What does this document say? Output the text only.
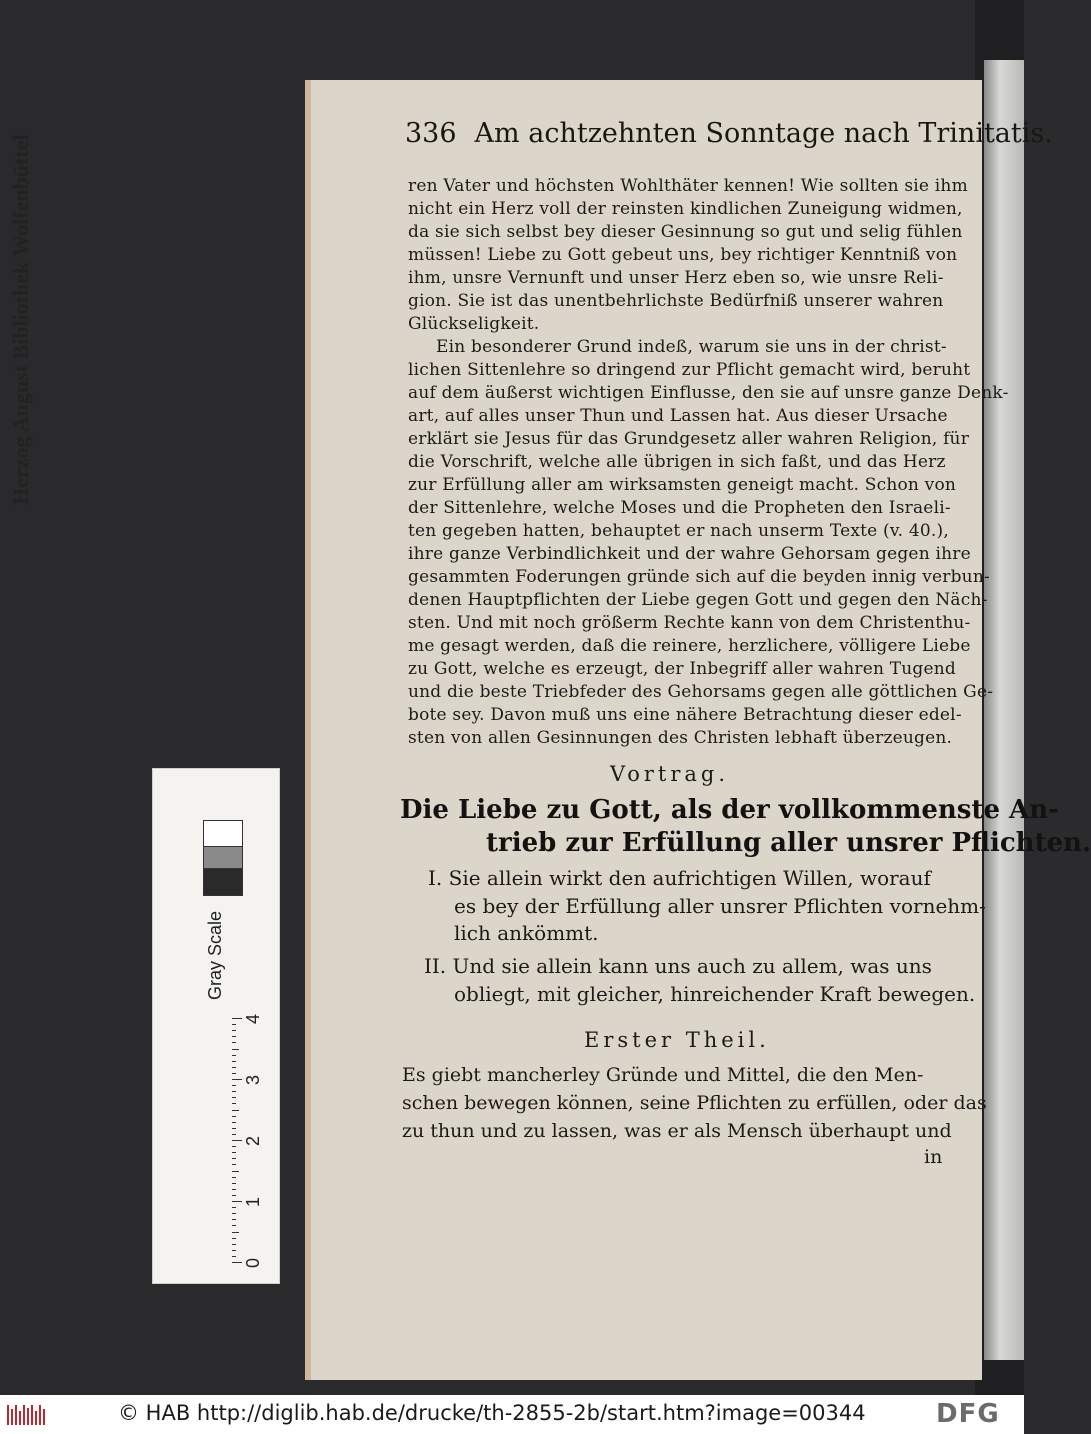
336 Am achtzehnten Sonntage nach Trinitatis.
ren Vater und höchsten Wohlthäter kennen! Wie sollten sie ihm
nicht ein Herz voll der reinsten kindlichen Zuneigung widmen,
da sie sich selbst bey dieser Gesinnung so gut und selig fühlen
müssen! Liebe zu Gott gebeut uns, bey richtiger Kenntniß von
ihm, unsre Vernunft und unser Herz eben so, wie unsre Reli-
gion. Sie ist das unentbehrlichste Bedürfniß unserer wahren
Glückseligkeit.
Ein besonderer Grund indeß, warum sie uns in der christ-
lichen Sittenlehre so dringend zur Pflicht gemacht wird, beruht
auf dem äußerst wichtigen Einflusse, den sie auf unsre ganze Denk-
art, auf alles unser Thun und Lassen hat. Aus dieser Ursache
erklärt sie Jesus für das Grundgesetz aller wahren Religion, für
die Vorschrift, welche alle übrigen in sich faßt, und das Herz
zur Erfüllung aller am wirksamsten geneigt macht. Schon von
der Sittenlehre, welche Moses und die Propheten den Israeli-
ten gegeben hatten, behauptet er nach unserm Texte (v. 40.),
ihre ganze Verbindlichkeit und der wahre Gehorsam gegen ihre
gesammten Foderungen gründe sich auf die beyden innig verbun-
denen Hauptpflichten der Liebe gegen Gott und gegen den Näch-
sten. Und mit noch größerm Rechte kann von dem Christenthu-
me gesagt werden, daß die reinere, herzlichere, völligere Liebe
zu Gott, welche es erzeugt, der Inbegriff aller wahren Tugend
und die beste Triebfeder des Gehorsams gegen alle göttlichen Ge-
bote sey. Davon muß uns eine nähere Betrachtung dieser edel-
sten von allen Gesinnungen des Christen lebhaft überzeugen.
Vortrag.
Die Liebe zu Gott, als der vollkommenste An-
trieb zur Erfüllung aller unsrer Pflichten.
I. Sie allein wirkt den aufrichtigen Willen, worauf
es bey der Erfüllung aller unsrer Pflichten vornehm-
lich ankömmt.
II. Und sie allein kann uns auch zu allem, was uns
obliegt, mit gleicher, hinreichender Kraft bewegen.
Erster Theil.
Es giebt mancherley Gründe und Mittel, die den Men-
schen bewegen können, seine Pflichten zu erfüllen, oder das
zu thun und zu lassen, was er als Mensch überhaupt und
in
Herzog August Bibliothek Wolfenbüttel
Gray Scale
0
1
2
3
4
© HAB http://diglib.hab.de/drucke/th-2855-2b/start.htm?image=00344	DFG
